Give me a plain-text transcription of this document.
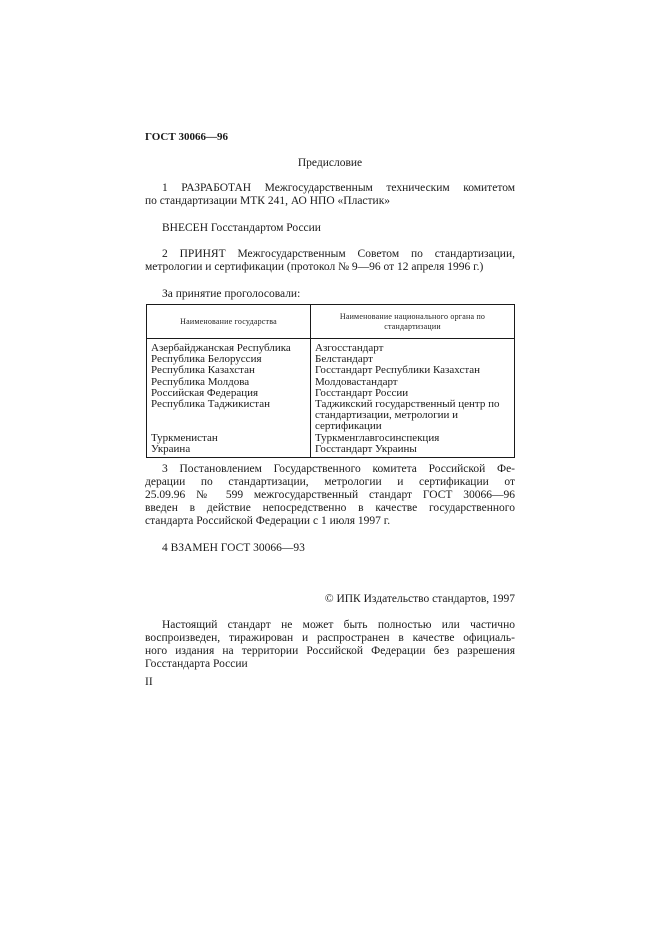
ГОСТ 30066—96
Предисловие
1 РАЗРАБОТАН Межгосударственным техническим комитетом
по стандартизации МТК 241, АО НПО «Пластик»
ВНЕСЕН Госстандартом России
2 ПРИНЯТ Межгосударственным Советом по стандартизации,
метрологии и сертификации (протокол № 9—96 от 12 апреля 1996 г.)
За принятие проголосовали:
Наименование государства	Наименование национального органа по стандартизации
Азербайджанская Республика	Азгосстандарт
Республика Белоруссия	Белстандарт
Республика Казахстан	Госстандарт Республики Казахстан
Республика Молдова	Молдовастандарт
Российская Федерация	Госстандарт России
Республика Таджикистан	Таджикский государственный центр по
	стандартизации, метрологии и
	сертификации
Туркменистан	Туркменглавгосинспекция
Украина	Госстандарт Украины
3 Постановлением Государственного комитета Российской Фе-
дерации по стандартизации, метрологии и сертификации от
25.09.96 № 599 межгосударственный стандарт ГОСТ 30066—96
введен в действие непосредственно в качестве государственного
стандарта Российской Федерации с 1 июля 1997 г.
4 ВЗАМЕН ГОСТ 30066—93
© ИПК Издательство стандартов, 1997
Настоящий стандарт не может быть полностью или частично
воспроизведен, тиражирован и распространен в качестве официаль-
ного издания на территории Российской Федерации без разрешения
Госстандарта России
II
